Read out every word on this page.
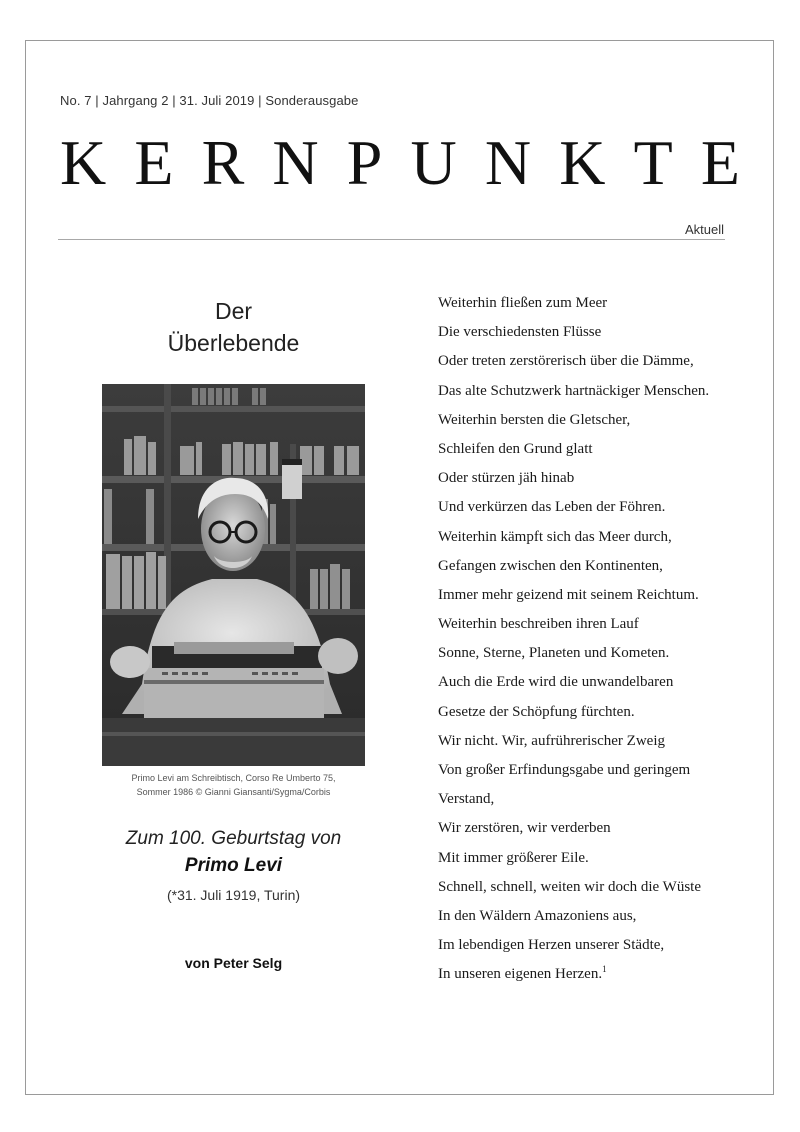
No. 7 | Jahrgang 2 | 31. Juli 2019 | Sonderausgabe
K E R N P U N K T E
Aktuell
Der
Überlebende
Primo Levi am Schreibtisch, Corso Re Umberto 75,
Sommer 1986 © Gianni Giansanti/Sygma/Corbis
Zum 100. Geburtstag von
Primo Levi
(*31. Juli 1919, Turin)
von Peter Selg
Weiterhin fließen zum Meer
Die verschiedensten Flüsse
Oder treten zerstörerisch über die Dämme,
Das alte Schutzwerk hartnäckiger Menschen.
Weiterhin bersten die Gletscher,
Schleifen den Grund glatt
Oder stürzen jäh hinab
Und verkürzen das Leben der Föhren.
Weiterhin kämpft sich das Meer durch,
Gefangen zwischen den Kontinenten,
Immer mehr geizend mit seinem Reichtum.
Weiterhin beschreiben ihren Lauf
Sonne, Sterne, Planeten und Kometen.
Auch die Erde wird die unwandelbaren
Gesetze der Schöpfung fürchten.
Wir nicht. Wir, aufrührerischer Zweig
Von großer Erfindungsgabe und geringem
Verstand,
Wir zerstören, wir verderben
Mit immer größerer Eile.
Schnell, schnell, weiten wir doch die Wüste
In den Wäldern Amazoniens aus,
Im lebendigen Herzen unserer Städte,
In unseren eigenen Herzen.$^1$
